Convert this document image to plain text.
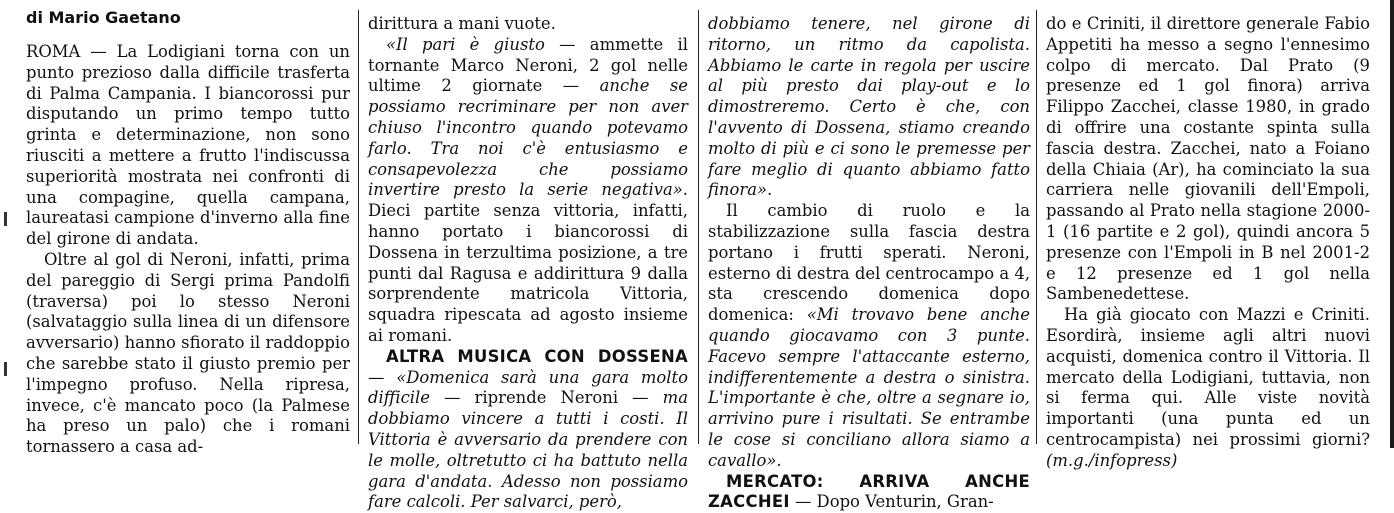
di Mario Gaetano

ROMA — La Lodigiani torna con un punto prezioso dalla difficile trasferta di Palma Campania. I biancorossi pur disputando un primo tempo tutto grinta e determinazione, non sono riusciti a mettere a frutto l'indiscussa superiorità mostrata nei confronti di una compagine, quella campana, laureatasi campione d'inverno alla fine del girone di andata.

Oltre al gol di Neroni, infatti, prima del pareggio di Sergi prima Pandolfi (traversa) poi lo stesso Neroni (salvataggio sulla linea di un difensore avversario) hanno sfiorato il raddoppio che sarebbe stato il giusto premio per l'impegno profuso. Nella ripresa, invece, c'è mancato poco (la Palmese ha preso un palo) che i romani tornassero a casa ad-

dirittura a mani vuote.

«Il pari è giusto — ammette il tornante Marco Neroni, 2 gol nelle ultime 2 giornate — anche se possiamo recriminare per non aver chiuso l'incontro quando potevamo farlo. Tra noi c'è entusiasmo e consapevolezza che possiamo invertire presto la serie negativa». Dieci partite senza vittoria, infatti, hanno portato i biancorossi di Dossena in terzultima posizione, a tre punti dal Ragusa e addirittura 9 dalla sorprendente matricola Vittoria, squadra ripescata ad agosto insieme ai romani.

ALTRA MUSICA CON DOSSENA — «Domenica sarà una gara molto difficile — riprende Neroni — ma dobbiamo vincere a tutti i costi. Il Vittoria è avversario da prendere con le molle, oltretutto ci ha battuto nella gara d'andata. Adesso non possiamo fare calcoli. Per salvarci, però,

dobbiamo tenere, nel girone di ritorno, un ritmo da capolista. Abbiamo le carte in regola per uscire al più presto dai play-out e lo dimostreremo. Certo è che, con l'avvento di Dossena, stiamo creando molto di più e ci sono le premesse per fare meglio di quanto abbiamo fatto finora».

Il cambio di ruolo e la stabilizzazione sulla fascia destra portano i frutti sperati. Neroni, esterno di destra del centrocampo a 4, sta crescendo domenica dopo domenica: «Mi trovavo bene anche quando giocavamo con 3 punte. Facevo sempre l'attaccante esterno, indifferentemente a destra o sinistra. L'importante è che, oltre a segnare io, arrivino pure i risultati. Se entrambe le cose si conciliano allora siamo a cavallo».

MERCATO: ARRIVA ANCHE ZACCHEI — Dopo Venturin, Gran-

do e Criniti, il direttore generale Fabio Appetiti ha messo a segno l'ennesimo colpo di mercato. Dal Prato (9 presenze ed 1 gol finora) arriva Filippo Zacchei, classe 1980, in grado di offrire una costante spinta sulla fascia destra. Zacchei, nato a Foiano della Chiaia (Ar), ha cominciato la sua carriera nelle giovanili dell'Empoli, passando al Prato nella stagione 2000-1 (16 partite e 2 gol), quindi ancora 5 presenze con l'Empoli in B nel 2001-2 e 12 presenze ed 1 gol nella Sambenedettese.

Ha già giocato con Mazzi e Criniti. Esordirà, insieme agli altri nuovi acquisti, domenica contro il Vittoria. Il mercato della Lodigiani, tuttavia, non si ferma qui. Alle viste novità importanti (una punta ed un centrocampista) nei prossimi giorni? (m.g./infopress)
